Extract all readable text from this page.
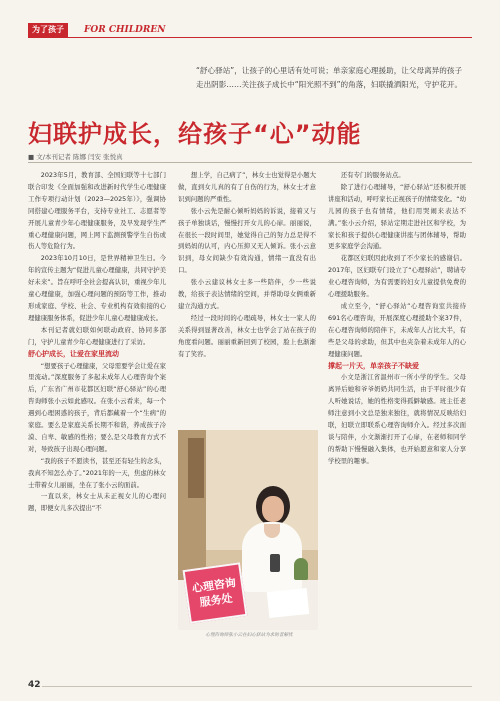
为了孩子	FOR CHILDREN
“舒心驿站”，让孩子的心里话有处可说；单亲家庭心理援助，让父母离异的孩子走出阴影……关注孩子成长中“阳光照不到”的角落，妇联撬洒阳光，守护花开。
妇联护成长，给孩子“心”动能
■ 文/本刊记者 陈娜 闫安 张悦真

2023年5月，教育部、全国妇联等十七部门联合印发《全面加强和改进新时代学生心理健康工作专项行动计划（2023—2025年）》，强调协同搭建心理服务平台，支持专业社工、志愿者等开展儿童青少年心理健康服务，及早发现学生严重心理健康问题，网上网下监测预警学生自伤或伤人等危险行为。

2023年10月10日，是世界精神卫生日。今年的宣传主题为“促进儿童心理健康，共同守护美好未来”。旨在呼吁全社会提高认识，重视少年儿童心理健康，加强心理问题的预防等工作，推动形成家庭、学校、社会、专业机构有效衔接的心理健康服务体系，促进少年儿童心理健康成长。

本刊记者就妇联如何联动政府、协同多部门，守护儿童青少年心理健康进行了采访。

舒心护成长，让爱在家里流动

“想要孩子心理健康，父母需要学会让爱在家里流动。”深度服务了多起未成年人心理咨询个案后，广东省广州市花都区妇联“舒心驿站”的心理咨询师张小云如此感叹。在张小云看来，每一个遇到心理困惑的孩子，背后都藏着一个“生病”的家庭。要么是家庭关系长期不和谐，养成孩子冷漠、自卑、敏感的性格；要么是父母教育方式不对，导致孩子出现心理问题。

“我的孩子不愿读书，甚至还有轻生的念头，我真不知怎么办了。”2021年的一天，焦虑的林女士带着女儿丽丽，坐在了张小云的面前。

一直以来，林女士从未正视女儿的心理问题，即便女儿多次提出“不

想上学，自己病了”，林女士也觉得是小题大做，直到女儿真的有了自伤的行为，林女士才意识到问题的严重性。

张小云先是耐心倾听妈妈的诉说，接着又与孩子单独谈话，慢慢打开女儿的心扉。丽丽说，在很长一段时间里，她觉得自己的努力总是得不到妈妈的认可，内心压抑又无人倾诉。张小云意识到，母女间缺少有效沟通，情绪一直没有出口。

张小云建议林女士多一些陪伴，少一些说教，给孩子表达情绪的空间，并帮助母女俩重新建立沟通方式。

经过一段时间的心理疏导，林女士一家人的关系得到显著改善，林女士也学会了站在孩子的角度看问题。丽丽重新回到了校园，脸上也渐渐有了笑容。

还有专门的服务站点。

除了进行心理辅导，“舒心驿站”还积极开展讲座和活动，呼吁家长正视孩子的情绪变化。“幼儿园的孩子也有情绪，他们用哭闹来表达不满。”张小云介绍，驿站定期走进社区和学校，为家长和孩子提供心理健康讲座与团体辅导，帮助更多家庭学会沟通。

花都区妇联因此收到了不少家长的感谢信。2017年，区妇联专门设立了“心理驿站”，聘请专业心理咨询师，为有需要的妇女儿童提供免费的心理援助服务。

成立至今，“舒心驿站”心理咨询室共接待691名心理咨询，开展深度心理援助个案37件，在心理咨询师的陪伴下，未成年人占比大半，有些是父母的求助，但其中也夹杂着未成年人的心理健康问题。

撑起一片天，单亲孩子不缺爱

小文是浙江省温州市一所小学的学生。父母离异后她和爷爷奶奶共同生活，由于平时很少有人听她说话，她的性格变得孤僻敏感。班主任老师注意到小文总是独来独往，就将情况反映给妇联，妇联立即联系心理咨询师介入。经过多次面谈与陪伴，小文渐渐打开了心扉，在老师和同学的帮助下慢慢融入集体，也开始愿意和家人分享学校里的趣事。

心理咨询服务处
心理咨询师张小云在妇心驿站为求助者解忧
42
